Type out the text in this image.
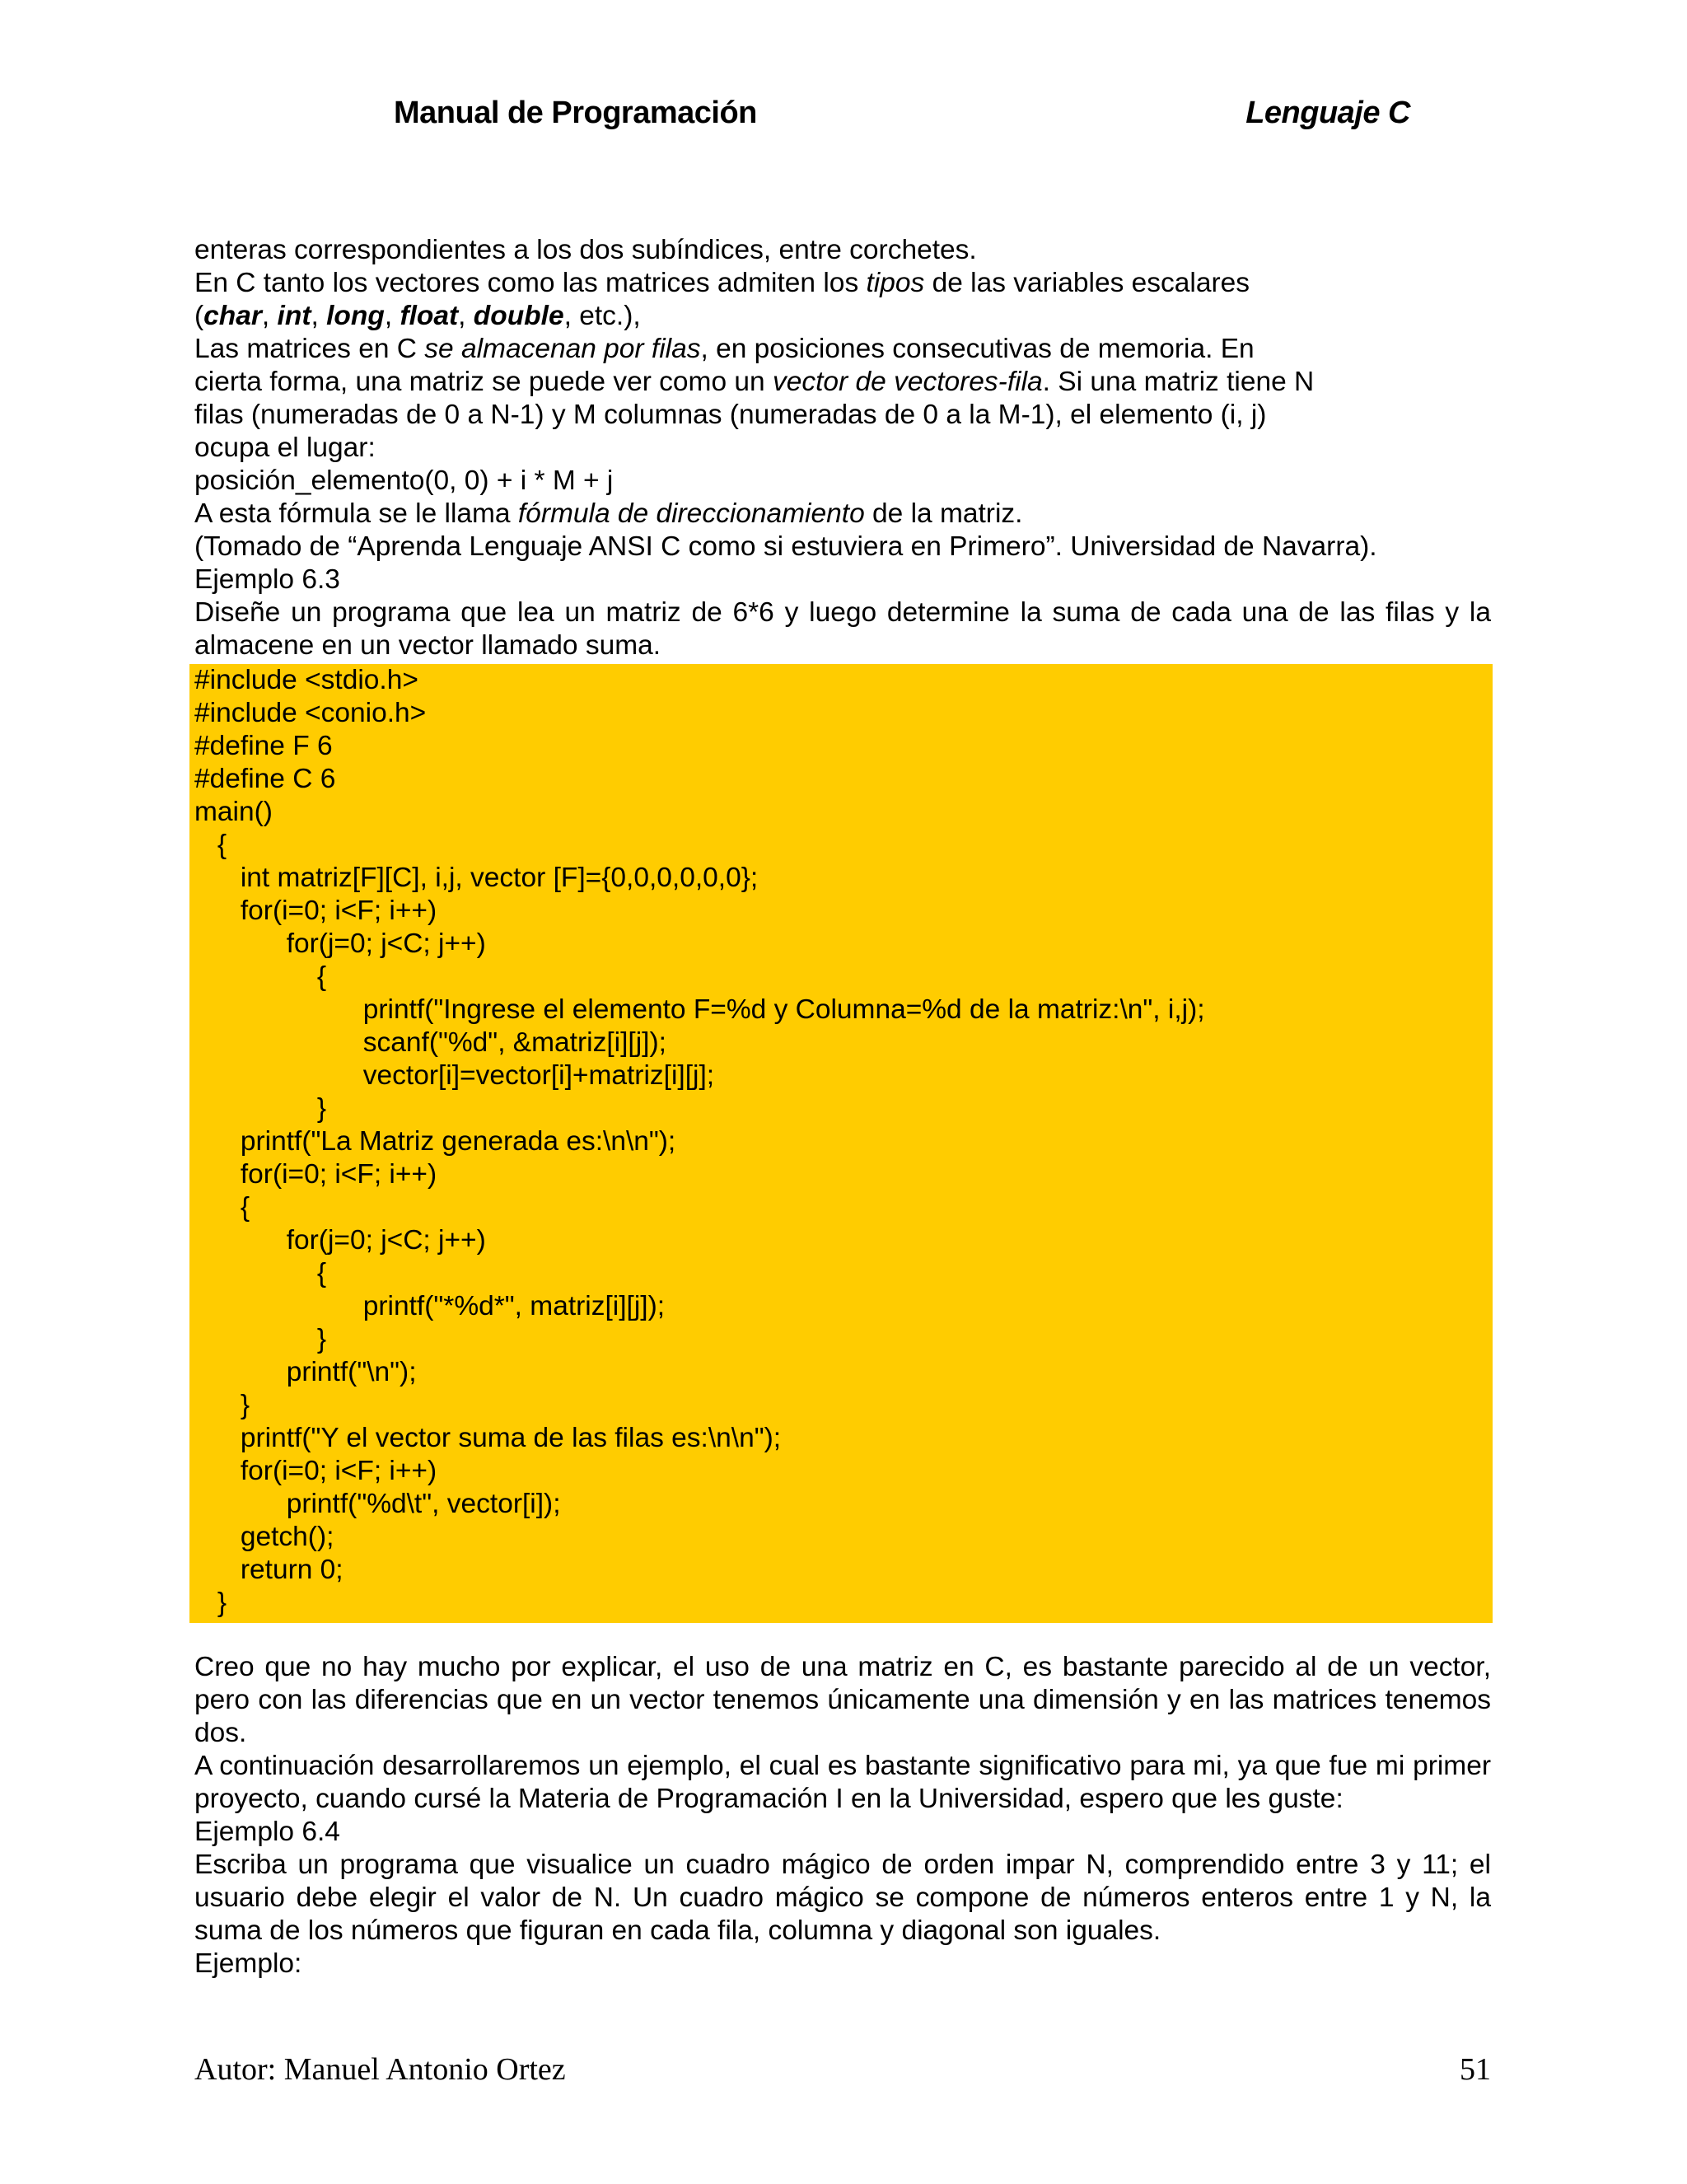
Manual de Programación	Lenguaje C

enteras correspondientes a los dos subíndices, entre corchetes.

En C tanto los vectores como las matrices admiten los tipos de las variables escalares

(char, int, long, float, double, etc.),

Las matrices en C se almacenan por filas, en posiciones consecutivas de memoria. En

cierta forma, una matriz se puede ver como un vector de vectores-fila. Si una matriz tiene N

filas (numeradas de 0 a N-1) y M columnas (numeradas de 0 a la M-1), el elemento (i, j)

ocupa el lugar:

posición_elemento(0, 0) + i * M + j

A esta fórmula se le llama fórmula de direccionamiento de la matriz.

(Tomado de “Aprenda Lenguaje ANSI C como si estuviera en Primero”. Universidad de Navarra).

Ejemplo 6.3

Diseñe un programa que lea un matriz de 6*6 y luego determine la suma de cada una de las filas y la almacene en un vector llamado suma.

#include <stdio.h>
#include <conio.h>
#define F 6
#define C 6
main()
{
int matriz[F][C], i,j, vector [F]={0,0,0,0,0,0};
for(i=0; i<F; i++)
for(j=0; j<C; j++)
{
printf("Ingrese el elemento F=%d y Columna=%d de la matriz:\n", i,j);
scanf("%d", &matriz[i][j]);
vector[i]=vector[i]+matriz[i][j];
}
printf("La Matriz generada es:\n\n");
for(i=0; i<F; i++)
{
for(j=0; j<C; j++)
{
printf("*%d*", matriz[i][j]);
}
printf("\n");
}
printf("Y el vector suma de las filas es:\n\n");
for(i=0; i<F; i++)
printf("%d\t", vector[i]);
getch();
return 0;
}

Creo que no hay mucho por explicar, el uso de una matriz en C, es bastante parecido al de un vector, pero con las diferencias que en un vector tenemos únicamente una dimensión y en las matrices tenemos dos.

A continuación desarrollaremos un ejemplo, el cual es bastante significativo para mi, ya que fue mi primer proyecto, cuando cursé la Materia de Programación I en la Universidad, espero que les guste:

Ejemplo 6.4

Escriba un programa que visualice un cuadro mágico de orden impar N, comprendido entre 3 y 11; el usuario debe elegir el valor de N. Un cuadro mágico se compone de números enteros entre 1 y N, la suma de los números que figuran en cada fila, columna y diagonal son iguales.

Ejemplo:

Autor: Manuel Antonio Ortez	51
